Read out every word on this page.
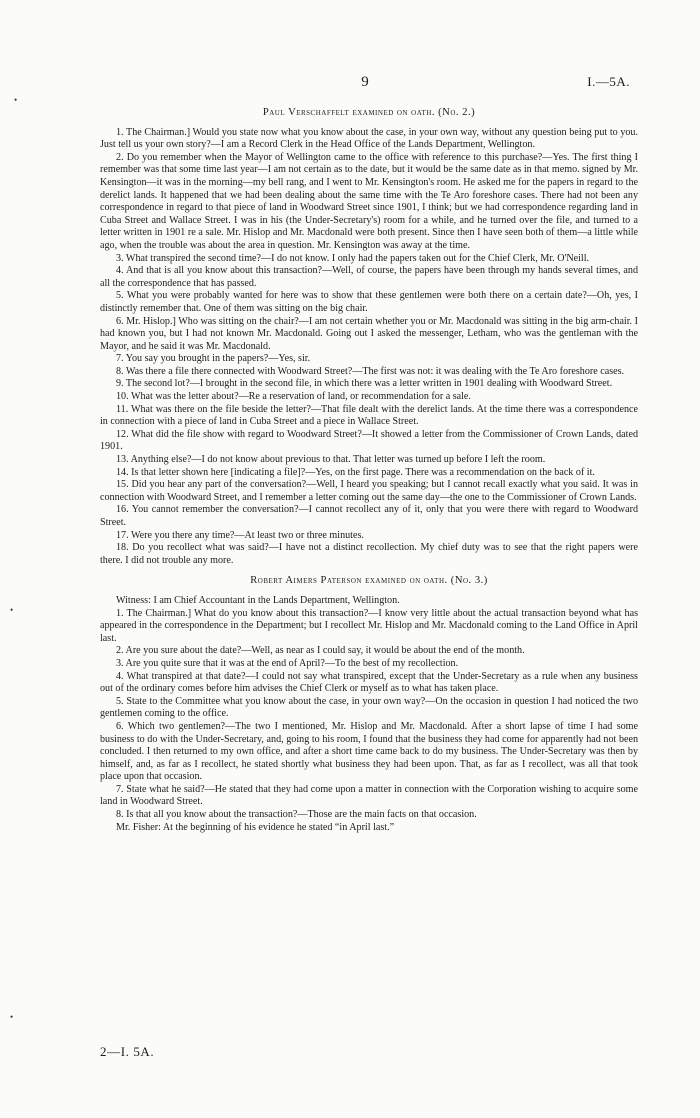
9	I.—5A.
Paul Verschaffelt examined on oath. (No. 2.)

1. The Chairman.] Would you state now what you know about the case, in your own way, without any question being put to you. Just tell us your own story?—I am a Record Clerk in the Head Office of the Lands Department, Wellington.

2. Do you remember when the Mayor of Wellington came to the office with reference to this purchase?—Yes. The first thing I remember was that some time last year—I am not certain as to the date, but it would be the same date as in that memo. signed by Mr. Kensington—it was in the morning—my bell rang, and I went to Mr. Kensington's room. He asked me for the papers in regard to the derelict lands. It happened that we had been dealing about the same time with the Te Aro foreshore cases. There had not been any correspondence in regard to that piece of land in Woodward Street since 1901, I think; but we had correspondence regarding land in Cuba Street and Wallace Street. I was in his (the Under-Secretary's) room for a while, and he turned over the file, and turned to a letter written in 1901 re a sale. Mr. Hislop and Mr. Macdonald were both present. Since then I have seen both of them—a little while ago, when the trouble was about the area in question. Mr. Kensington was away at the time.

3. What transpired the second time?—I do not know. I only had the papers taken out for the Chief Clerk, Mr. O'Neill.

4. And that is all you know about this transaction?—Well, of course, the papers have been through my hands several times, and all the correspondence that has passed.

5. What you were probably wanted for here was to show that these gentlemen were both there on a certain date?—Oh, yes, I distinctly remember that. One of them was sitting on the big chair.

6. Mr. Hislop.] Who was sitting on the chair?—I am not certain whether you or Mr. Macdonald was sitting in the big arm-chair. I had known you, but I had not known Mr. Macdonald. Going out I asked the messenger, Letham, who was the gentleman with the Mayor, and he said it was Mr. Macdonald.

7. You say you brought in the papers?—Yes, sir.

8. Was there a file there connected with Woodward Street?—The first was not: it was dealing with the Te Aro foreshore cases.

9. The second lot?—I brought in the second file, in which there was a letter written in 1901 dealing with Woodward Street.

10. What was the letter about?—Re a reservation of land, or recommendation for a sale.

11. What was there on the file beside the letter?—That file dealt with the derelict lands. At the time there was a correspondence in connection with a piece of land in Cuba Street and a piece in Wallace Street.

12. What did the file show with regard to Woodward Street?—It showed a letter from the Commissioner of Crown Lands, dated 1901.

13. Anything else?—I do not know about previous to that. That letter was turned up before I left the room.

14. Is that letter shown here [indicating a file]?—Yes, on the first page. There was a recommendation on the back of it.

15. Did you hear any part of the conversation?—Well, I heard you speaking; but I cannot recall exactly what you said. It was in connection with Woodward Street, and I remember a letter coming out the same day—the one to the Commissioner of Crown Lands.

16. You cannot remember the conversation?—I cannot recollect any of it, only that you were there with regard to Woodward Street.

17. Were you there any time?—At least two or three minutes.

18. Do you recollect what was said?—I have not a distinct recollection. My chief duty was to see that the right papers were there. I did not trouble any more.

Robert Aimers Paterson examined on oath. (No. 3.)

Witness: I am Chief Accountant in the Lands Department, Wellington.

1. The Chairman.] What do you know about this transaction?—I know very little about the actual transaction beyond what has appeared in the correspondence in the Department; but I recollect Mr. Hislop and Mr. Macdonald coming to the Land Office in April last.

2. Are you sure about the date?—Well, as near as I could say, it would be about the end of the month.

3. Are you quite sure that it was at the end of April?—To the best of my recollection.

4. What transpired at that date?—I could not say what transpired, except that the Under-Secretary as a rule when any business out of the ordinary comes before him advises the Chief Clerk or myself as to what has taken place.

5. State to the Committee what you know about the case, in your own way?—On the occasion in question I had noticed the two gentlemen coming to the office.

6. Which two gentlemen?—The two I mentioned, Mr. Hislop and Mr. Macdonald. After a short lapse of time I had some business to do with the Under-Secretary, and, going to his room, I found that the business they had come for apparently had not been concluded. I then returned to my own office, and after a short time came back to do my business. The Under-Secretary was then by himself, and, as far as I recollect, he stated shortly what business they had been upon. That, as far as I recollect, was all that took place upon that occasion.

7. State what he said?—He stated that they had come upon a matter in connection with the Corporation wishing to acquire some land in Woodward Street.

8. Is that all you know about the transaction?—Those are the main facts on that occasion.

Mr. Fisher: At the beginning of his evidence he stated “in April last.”

2—I. 5A.
•
•
•
